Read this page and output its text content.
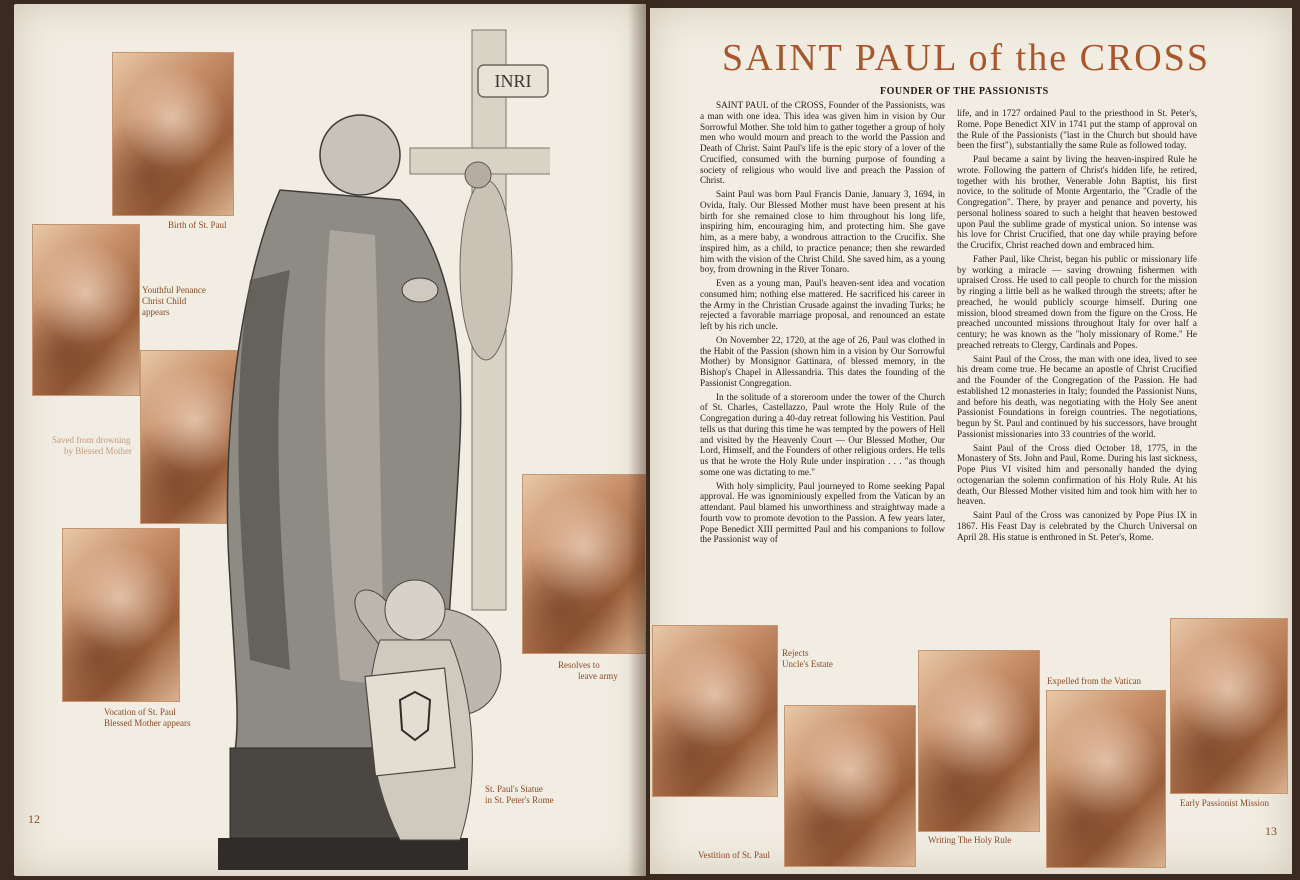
Birth of St. Paul
Youthful Penance
Christ Child
appears
Saved from drowning
by Blessed Mother
Vocation of St. Paul
Blessed Mother appears
Resolves to
leave army
INRI
St. Paul's Statue
in St. Peter's Rome
12
SAINT PAUL of the CROSS
FOUNDER OF THE PASSIONISTS

SAINT PAUL of the CROSS, Founder of the Passionists, was a man with one idea. This idea was given him in vision by Our Sorrowful Mother. She told him to gather together a group of holy men who would mourn and preach to the world the Passion and Death of Christ. Saint Paul's life is the epic story of a lover of the Crucified, consumed with the burning purpose of founding a society of religious who would live and preach the Passion of Christ.

Saint Paul was born Paul Francis Danie, January 3, 1694, in Ovida, Italy. Our Blessed Mother must have been present at his birth for she remained close to him throughout his long life, inspiring him, encouraging him, and protecting him. She gave him, as a mere baby, a wondrous attraction to the Crucifix. She inspired him, as a child, to practice penance; then she rewarded him with the vision of the Christ Child. She saved him, as a young boy, from drowning in the River Tonaro.

Even as a young man, Paul's heaven-sent idea and vocation consumed him; nothing else mattered. He sacrificed his career in the Army in the Christian Crusade against the invading Turks; he rejected a favorable marriage proposal, and renounced an estate left by his rich uncle.

On November 22, 1720, at the age of 26, Paul was clothed in the Habit of the Passion (shown him in a vision by Our Sorrowful Mother) by Monsignor Gattinara, of blessed memory, in the Bishop's Chapel in Allessandria. This dates the founding of the Passionist Congregation.

In the solitude of a storeroom under the tower of the Church of St. Charles, Castellazzo, Paul wrote the Holy Rule of the Congregation during a 40-day retreat following his Vestition. Paul tells us that during this time he was tempted by the powers of Hell and visited by the Heavenly Court — Our Blessed Mother, Our Lord, Himself, and the Founders of other religious orders. He tells us that he wrote the Holy Rule under inspiration . . . "as though some one was dictating to me."

With holy simplicity, Paul journeyed to Rome seeking Papal approval. He was ignominiously expelled from the Vatican by an attendant. Paul blamed his unworthiness and straightway made a fourth vow to promote devotion to the Passion. A few years later, Pope Benedict XIII permitted Paul and his companions to follow the Passionist way of

life, and in 1727 ordained Paul to the priesthood in St. Peter's, Rome. Pope Benedict XIV in 1741 put the stamp of approval on the Rule of the Passionists ("last in the Church but should have been the first"), substantially the same Rule as followed today.

Paul became a saint by living the heaven-inspired Rule he wrote. Following the pattern of Christ's hidden life, he retired, together with his brother, Venerable John Baptist, his first novice, to the solitude of Monte Argentario, the "Cradle of the Congregation". There, by prayer and penance and poverty, his personal holiness soared to such a height that heaven bestowed upon Paul the sublime grade of mystical union. So intense was his love for Christ Crucified, that one day while praying before the Crucifix, Christ reached down and embraced him.

Father Paul, like Christ, began his public or missionary life by working a miracle — saving drowning fishermen with upraised Cross. He used to call people to church for the mission by ringing a little bell as he walked through the streets; after he preached, he would publicly scourge himself. During one mission, blood streamed down from the figure on the Cross. He preached uncounted missions throughout Italy for over half a century; he was known as the "holy missionary of Rome." He preached retreats to Clergy, Cardinals and Popes.

Saint Paul of the Cross, the man with one idea, lived to see his dream come true. He became an apostle of Christ Crucified and the Founder of the Congregation of the Passion. He had established 12 monasteries in Italy; founded the Passionist Nuns, and before his death, was negotiating with the Holy See anent Passionist Foundations in foreign countries. The negotiations, begun by St. Paul and continued by his successors, have brought Passionist missionaries into 33 countries of the world.

Saint Paul of the Cross died October 18, 1775, in the Monastery of Sts. John and Paul, Rome. During his last sickness, Pope Pius VI visited him and personally handed the dying octogenarian the solemn confirmation of his Holy Rule. At his death, Our Blessed Mother visited him and took him with her to heaven.

Saint Paul of the Cross was canonized by Pope Pius IX in 1867. His Feast Day is celebrated by the Church Universal on April 28. His statue is enthroned in St. Peter's, Rome.

Rejects
Uncle's Estate
Vestition of St. Paul
Writing The Holy Rule
Expelled from the Vatican
Early Passionist Mission
13
